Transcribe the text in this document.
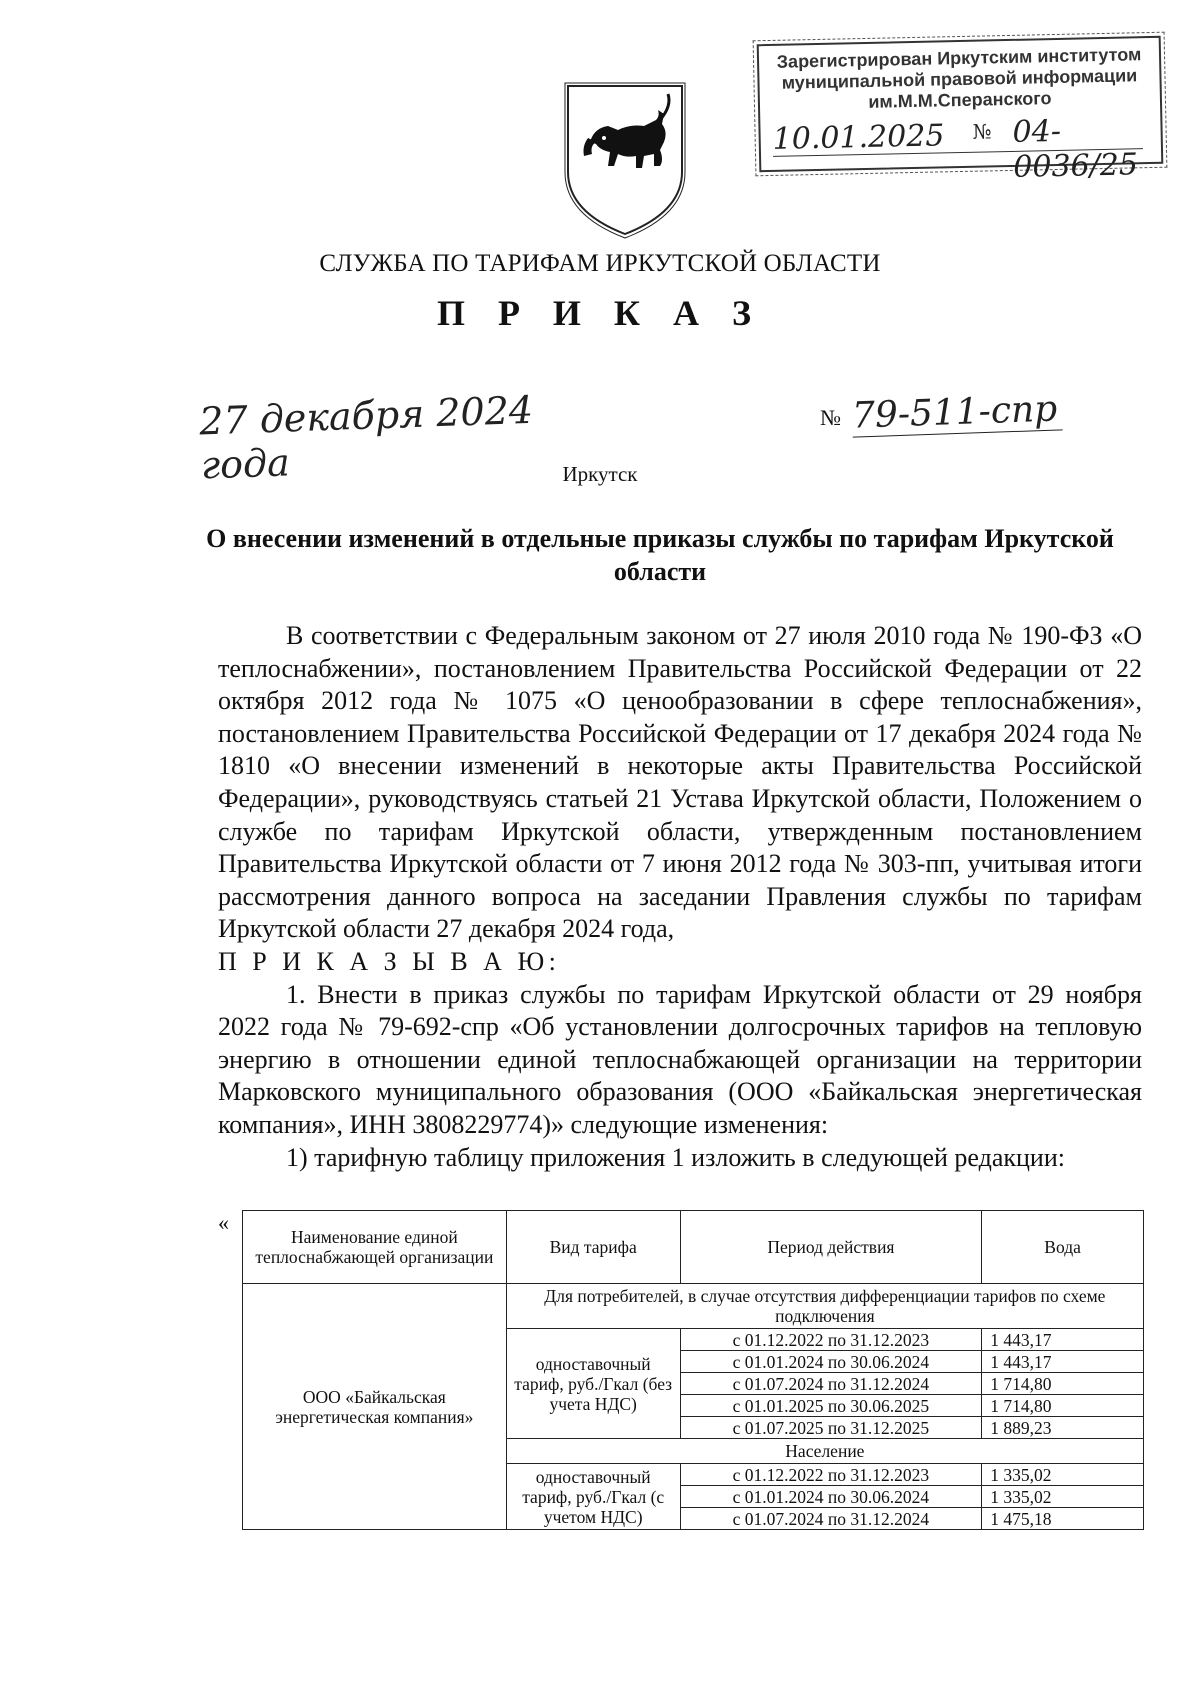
Зарегистрирован Иркутским институтом
муниципальной правовой информации
им.М.М.Сперанского
10.01.2025 № 04-0036/25
СЛУЖБА ПО ТАРИФАМ ИРКУТСКОЙ ОБЛАСТИ
П Р И К А З
27 декабря 2024 года
№ 79-511-спр
Иркутск
О внесении изменений в отдельные приказы службы по тарифам Иркутской области

В соответствии с Федеральным законом от 27 июля 2010 года № 190-ФЗ «О теплоснабжении», постановлением Правительства Российской Федерации от 22 октября 2012 года № 1075 «О ценообразовании в сфере теплоснабжения», постановлением Правительства Российской Федерации от 17 декабря 2024 года № 1810 «О внесении изменений в некоторые акты Правительства Российской Федерации», руководствуясь статьей 21 Устава Иркутской области, Положением о службе по тарифам Иркутской области, утвержденным постановлением Правительства Иркутской области от 7 июня 2012 года № 303-пп, учитывая итоги рассмотрения данного вопроса на заседании Правления службы по тарифам Иркутской области 27 декабря 2024 года,

П Р И К А З Ы В А Ю:

1. Внести в приказ службы по тарифам Иркутской области от 29 ноября 2022 года № 79-692-спр «Об установлении долгосрочных тарифов на тепловую энергию в отношении единой теплоснабжающей организации на территории Марковского муниципального образования (ООО «Байкальская энергетическая компания», ИНН 3808229774)» следующие изменения:

1) тарифную таблицу приложения 1 изложить в следующей редакции:

«
Наименование единой теплоснабжающей организации	Вид тарифа	Период действия	Вода
ООО «Байкальская энергетическая компания»	Для потребителей, в случае отсутствия дифференциации тарифов по схеме подключения		
	одноставочный тариф, руб./Гкал (без учета НДС)	с 01.12.2022 по 31.12.2023	1 443,17
		с 01.01.2024 по 30.06.2024	1 443,17
		с 01.07.2024 по 31.12.2024	1 714,80
		с 01.01.2025 по 30.06.2025	1 714,80
		с 01.07.2025 по 31.12.2025	1 889,23
	Население		
	одноставочный тариф, руб./Гкал (с учетом НДС)	с 01.12.2022 по 31.12.2023	1 335,02
		с 01.01.2024 по 30.06.2024	1 335,02
		с 01.07.2024 по 31.12.2024	1 475,18
